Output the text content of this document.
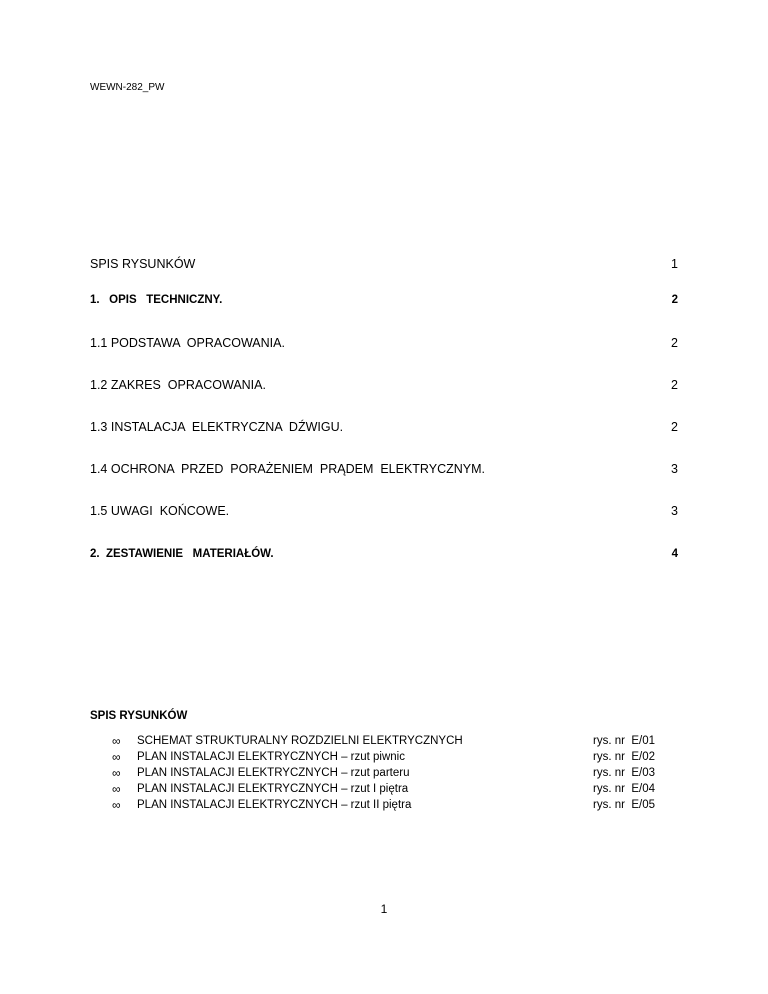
WEWN-282_PW
SPIS RYSUNKÓW	1
1.   OPIS   TECHNICZNY.	2
1.1 PODSTAWA  OPRACOWANIA.	2
1.2 ZAKRES  OPRACOWANIA.	2
1.3 INSTALACJA  ELEKTRYCZNA  DŹWIGU.	2
1.4 OCHRONA  PRZED  PORAŻENIEM  PRĄDEM  ELEKTRYCZNYM.	3
1.5 UWAGI  KOŃCOWE.	3
2.  ZESTAWIENIE   MATERIAŁÓW.	4
SPIS RYSUNKÓW
∞ SCHEMAT STRUKTURALNY ROZDZIELNI ELEKTRYCZNYCH	rys. nr  E/01
∞ PLAN INSTALACJI ELEKTRYCZNYCH – rzut piwnic	rys. nr  E/02
∞ PLAN INSTALACJI ELEKTRYCZNYCH – rzut parteru	rys. nr  E/03
∞ PLAN INSTALACJI ELEKTRYCZNYCH – rzut I piętra	rys. nr  E/04
∞ PLAN INSTALACJI ELEKTRYCZNYCH – rzut II piętra	rys. nr  E/05
1
